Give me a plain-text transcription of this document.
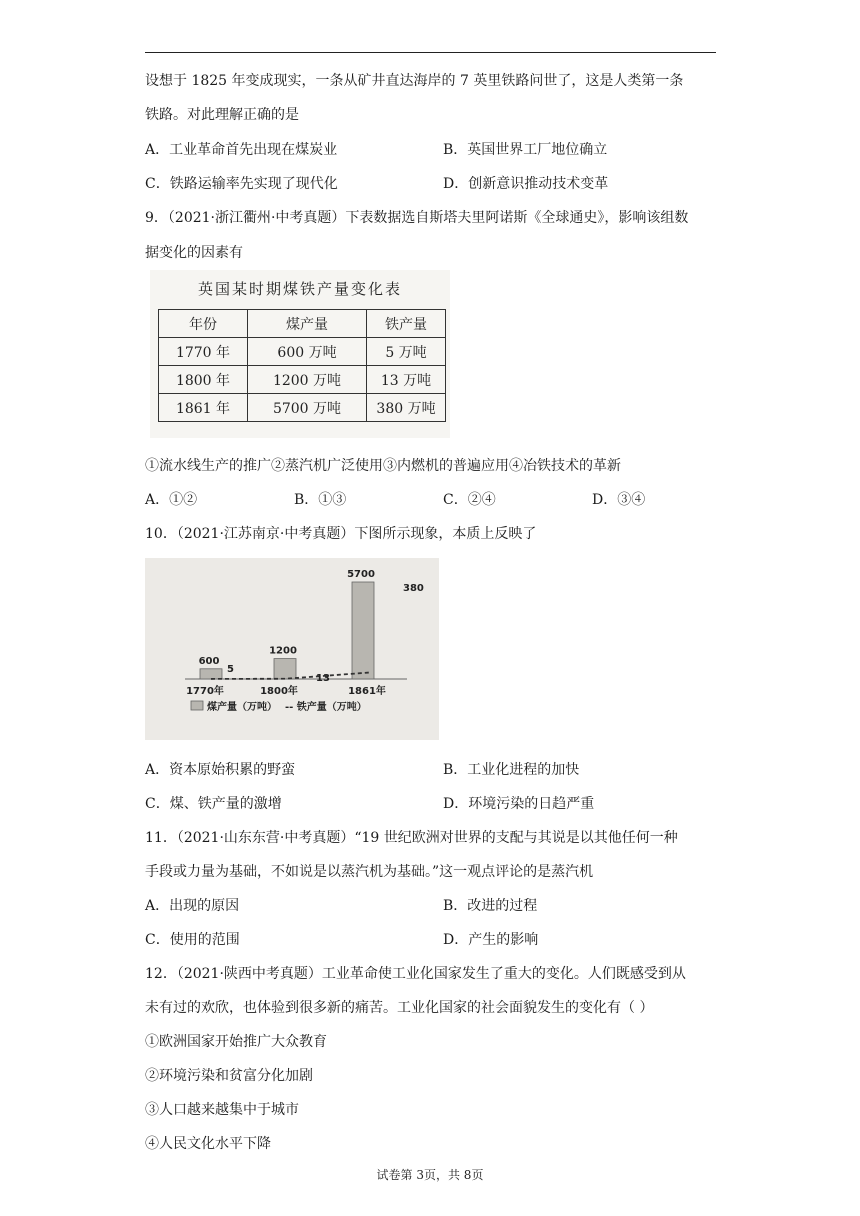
设想于 1825 年变成现实，一条从矿井直达海岸的 7 英里铁路问世了，这是人类第一条
铁路。对此理解正确的是
A．工业革命首先出现在煤炭业	B．英国世界工厂地位确立
C．铁路运输率先实现了现代化	D．创新意识推动技术变革
9．（2021·浙江衢州·中考真题）下表数据选自斯塔夫里阿诺斯《全球通史》，影响该组数
据变化的因素有
英国某时期煤铁产量变化表
年份	煤产量	铁产量
1770 年	600 万吨	5 万吨
1800 年	1200 万吨	13 万吨
1861 年	5700 万吨	380 万吨
①流水线生产的推广②蒸汽机广泛使用③内燃机的普遍应用④冶铁技术的革新
A．①②	B．①③	C．②④	D．③④
10．（2021·江苏南京·中考真题）下图所示现象，本质上反映了
600
1200
5700
5
13
380
1770年	1800年	1861年
煤产量（万吨） -- 铁产量（万吨）
A．资本原始积累的野蛮	B．工业化进程的加快
C．煤、铁产量的激增	D．环境污染的日趋严重
11．（2021·山东东营·中考真题）“19 世纪欧洲对世界的支配与其说是以其他任何一种
手段或力量为基础，不如说是以蒸汽机为基础。”这一观点评论的是蒸汽机
A．出现的原因	B．改进的过程
C．使用的范围	D．产生的影响
12．（2021·陕西中考真题）工业革命使工业化国家发生了重大的变化。人们既感受到从
未有过的欢欣，也体验到很多新的痛苦。工业化国家的社会面貌发生的变化有（ ）
①欧洲国家开始推广大众教育
②环境污染和贫富分化加剧
③人口越来越集中于城市
④人民文化水平下降
试卷第 3页，共 8页
